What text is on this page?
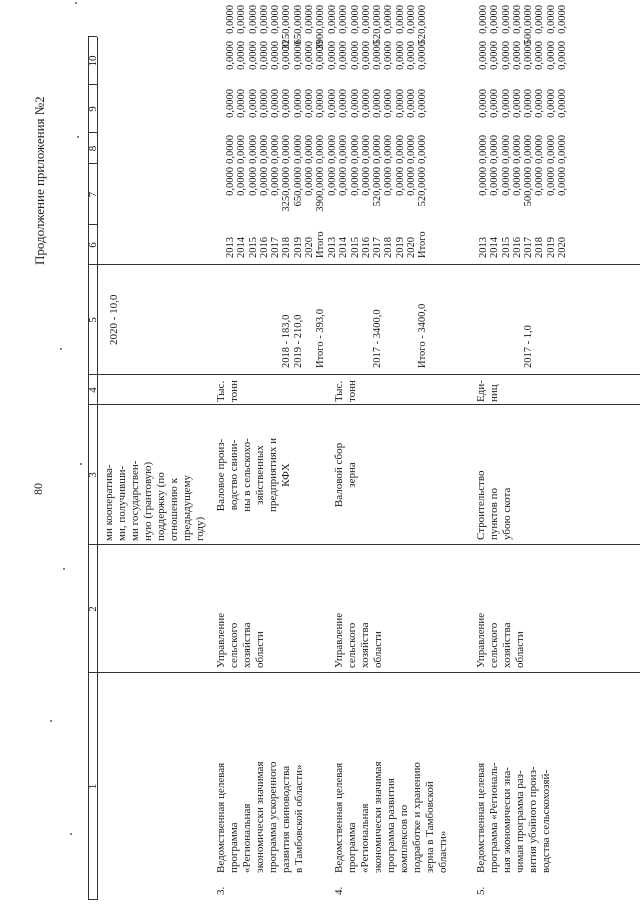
80
Продолжение приложения №2
1
2
3
4
5
6
7
8
9
10
ми кооператива-
ми, получивши-
ми государствен-
ную (грантовую)
поддержку (по
отношению к
предыдущему
году)
2020 - 10,0
3.
Ведомственная целевая
программа
«Региональная
экономически значимая
программа ускоренного
развития свиноводства
в Тамбовской области»
Управление
сельского
хозяйства
области
Валовое произ-
водство свини-
ны в сельскохо-
зяйственных
предприятиях и
КФХ
Тыс.
тонн

2018 - 183,0
2019 - 210,0

Итого - 393,0
2013
2014
2015
2016
2017
2018
2019
2020
Итого
0,0000
0,0000
0,0000
0,0000
0,0000
3250,0000
650,0000
0,0000
3900,0000
0,0000
0,0000
0,0000
0,0000
0,0000
0,0000
0,0000
0,0000
0,0000
0,0000
0,0000
0,0000
0,0000
0,0000
0,0000
0,0000
0,0000
0,0000
0,0000
0,0000
0,0000
0,0000
0,0000
0,0000
0,0000
0,0000
0,0000
0,0000
0,0000
0,0000
0,0000
0,0000
3250,0000
650,0000
0,0000
3900,0000
4.
Ведомственная целевая
программа
«Региональная
экономически значимая
программа развития
комплексов по
подработке и хранению
зерна в Тамбовской
области»
Управление
сельского
хозяйства
области
Валовой сбор
зерна
Тыс.
тонн

2017 - 3400,0

Итого - 3400,0
2013
2014
2015
2016
2017
2018
2019
2020
Итого
0,0000
0,0000
0,0000
0,0000
520,0000
0,0000
0,0000
0,0000
520,0000
0,0000
0,0000
0,0000
0,0000
0,0000
0,0000
0,0000
0,0000
0,0000
0,0000
0,0000
0,0000
0,0000
0,0000
0,0000
0,0000
0,0000
0,0000
0,0000
0,0000
0,0000
0,0000
0,0000
0,0000
0,0000
0,0000
0,0000
0,0000
0,0000
0,0000
0,0000
520,0000
0,0000
0,0000
0,0000
520,0000
5.
Ведомственная целевая
программа «Региональ-
ная экономически зна-
чимая программа раз-
вития убойного произ-
водства сельскохозяй-
Управление
сельского
хозяйства
области
Строительство
пунктов по
убою скота
Еди-
ниц

2017 - 1,0
2013
2014
2015
2016
2017
2018
2019
2020
0,0000
0,0000
0,0000
0,0000
500,0000
0,0000
0,0000
0,0000
0,0000
0,0000
0,0000
0,0000
0,0000
0,0000
0,0000
0,0000
0,0000
0,0000
0,0000
0,0000
0,0000
0,0000
0,0000
0,0000
0,0000
0,0000
0,0000
0,0000
0,0000
0,0000
0,0000
0,0000
0,0000
0,0000
0,0000
0,0000
500,0000
0,0000
0,0000
0,0000
